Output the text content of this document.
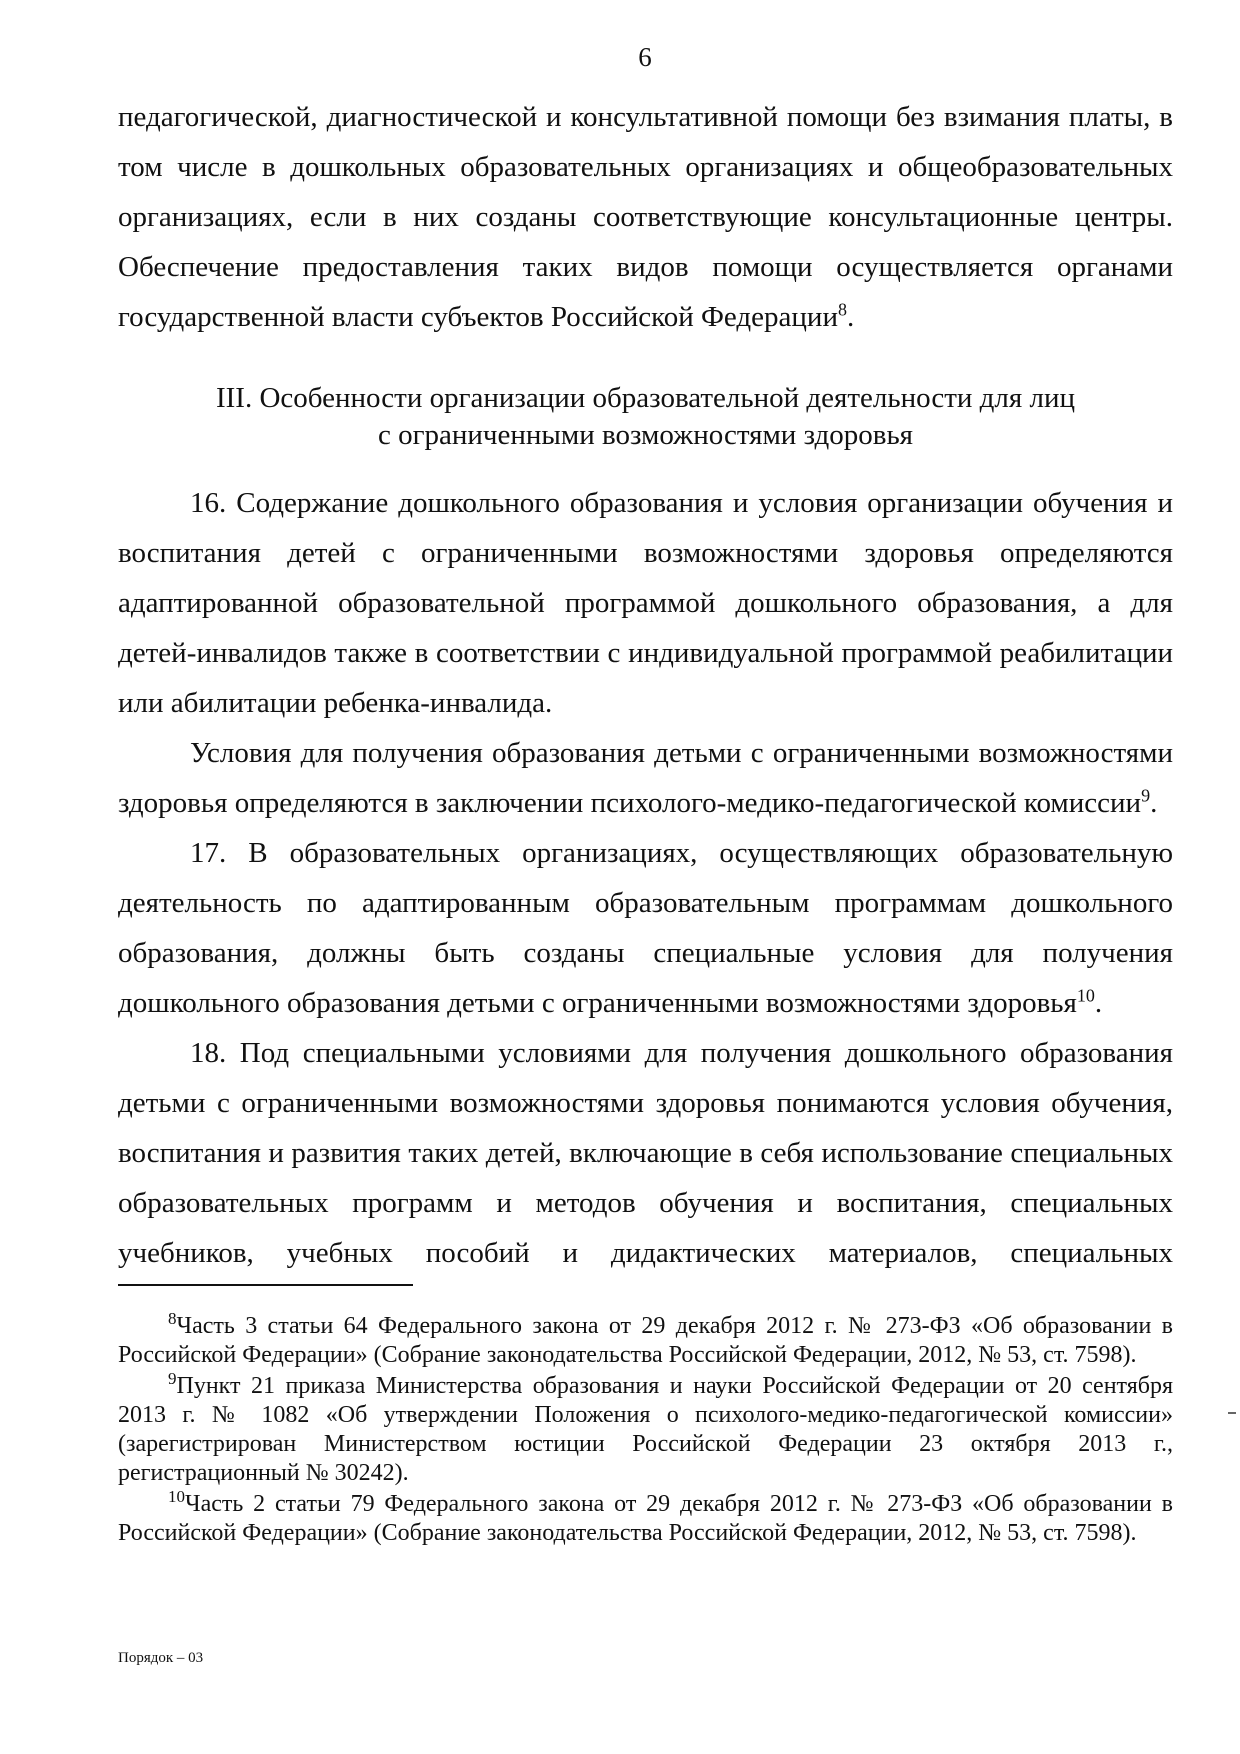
6

педагогической, диагностической и консультативной помощи без взимания платы, в том числе в дошкольных образовательных организациях и общеобразовательных организациях, если в них созданы соответствующие консультационные центры. Обеспечение предоставления таких видов помощи осуществляется органами государственной власти субъектов Российской Федерации$^8$.

III. Особенности организации образовательной деятельности для лиц
с ограниченными возможностями здоровья

16. Содержание дошкольного образования и условия организации обучения и воспитания детей с ограниченными возможностями здоровья определяются адаптированной образовательной программой дошкольного образования, а для детей-инвалидов также в соответствии с индивидуальной программой реабилитации или абилитации ребенка-инвалида.

Условия для получения образования детьми с ограниченными возможностями здоровья определяются в заключении психолого-медико-педагогической комиссии$^9$.

17. В образовательных организациях, осуществляющих образовательную деятельность по адаптированным образовательным программам дошкольного образования, должны быть созданы специальные условия для получения дошкольного образования детьми с ограниченными возможностями здоровья$^{10}$.

18. Под специальными условиями для получения дошкольного образования детьми с ограниченными возможностями здоровья понимаются условия обучения, воспитания и развития таких детей, включающие в себя использование специальных образовательных программ и методов обучения и воспитания, специальных учебников, учебных пособий и дидактических материалов, специальных

$^8$Часть 3 статьи 64 Федерального закона от 29 декабря 2012 г. № 273-ФЗ «Об образовании в Российской Федерации» (Собрание законодательства Российской Федерации, 2012, № 53, ст. 7598).

$^9$Пункт 21 приказа Министерства образования и науки Российской Федерации от 20 сентября 2013 г. № 1082 «Об утверждении Положения о психолого-медико-педагогической комиссии» (зарегистрирован Министерством юстиции Российской Федерации 23 октября 2013 г., регистрационный № 30242).

$^{10}$Часть 2 статьи 79 Федерального закона от 29 декабря 2012 г. № 273-ФЗ «Об образовании в Российской Федерации» (Собрание законодательства Российской Федерации, 2012, № 53, ст. 7598).

Порядок – 03
